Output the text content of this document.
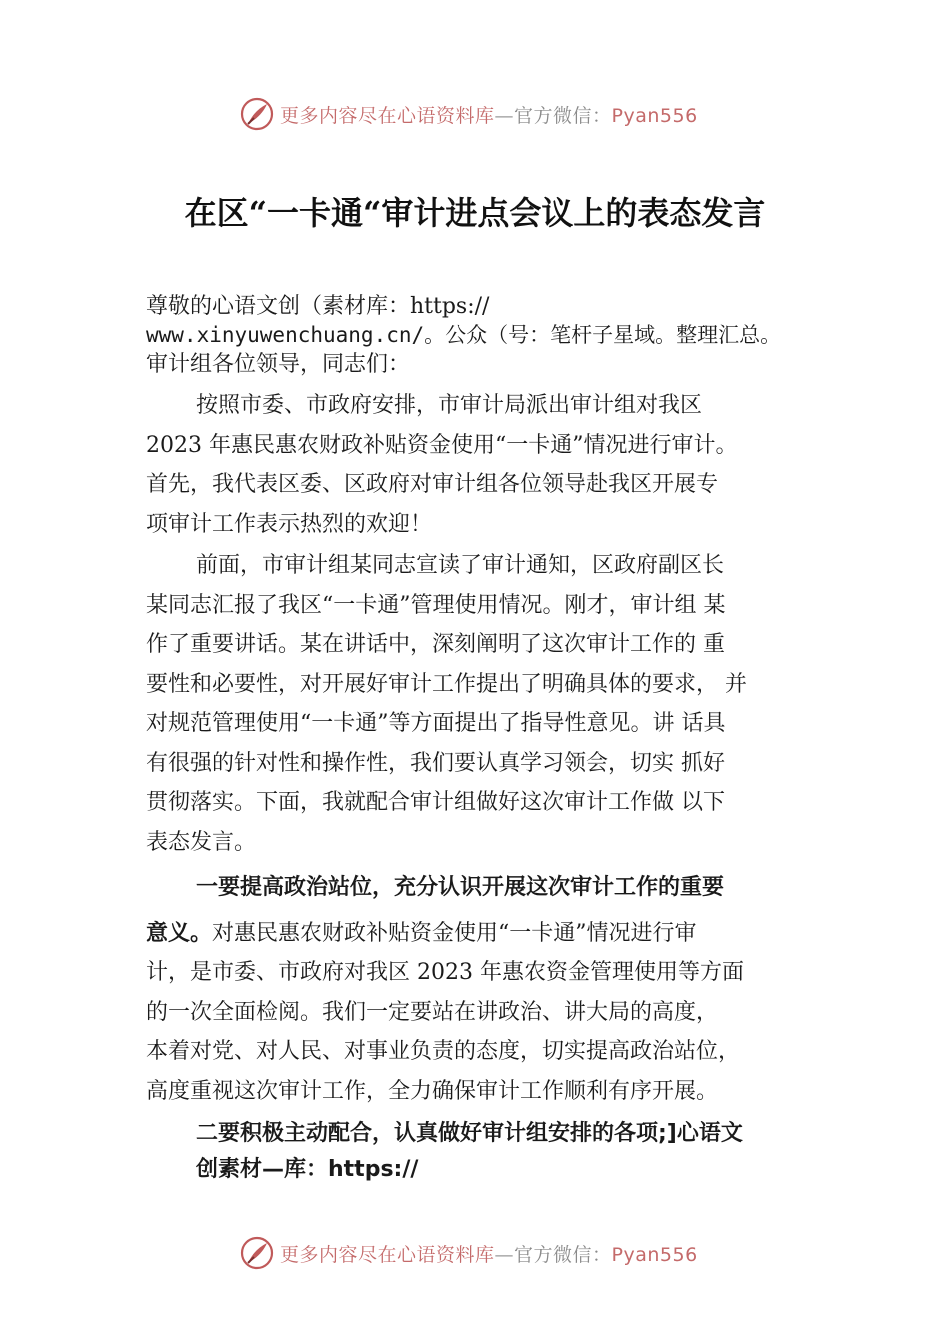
更多内容尽在心语资料库—官方微信：Pyan556
在区“一卡通“审计进点会议上的表态发言
尊敬的心语文创（素材库：https://
www.xinyuwenchuang.cn/。公众（号：笔杆子星域。整理汇总。
审计组各位领导，同志们：
按照市委、市政府安排，市审计局派出审计组对我区
2023 年惠民惠农财政补贴资金使用“一卡通”情况进行审计。
首先，我代表区委、区政府对审计组各位领导赴我区开展专
项审计工作表示热烈的欢迎！
前面，市审计组某同志宣读了审计通知，区政府副区长
某同志汇报了我区“一卡通”管理使用情况。刚才，审计组 某
作了重要讲话。某在讲话中，深刻阐明了这次审计工作的 重
要性和必要性，对开展好审计工作提出了明确具体的要求， 并
对规范管理使用“一卡通”等方面提出了指导性意见。讲 话具
有很强的针对性和操作性，我们要认真学习领会，切实 抓好
贯彻落实。下面，我就配合审计组做好这次审计工作做 以下
表态发言。
一要提高政治站位，充分认识开展这次审计工作的重要
意义。对惠民惠农财政补贴资金使用“一卡通”情况进行审
计，是市委、市政府对我区 2023 年惠农资金管理使用等方面
的一次全面检阅。我们一定要站在讲政治、讲大局的高度，
本着对党、对人民、对事业负责的态度，切实提高政治站位，
高度重视这次审计工作，全力确保审计工作顺利有序开展。
二要积极主动配合，认真做好审计组安排的各项;]心语文
创素材—库：https://
更多内容尽在心语资料库—官方微信：Pyan556
